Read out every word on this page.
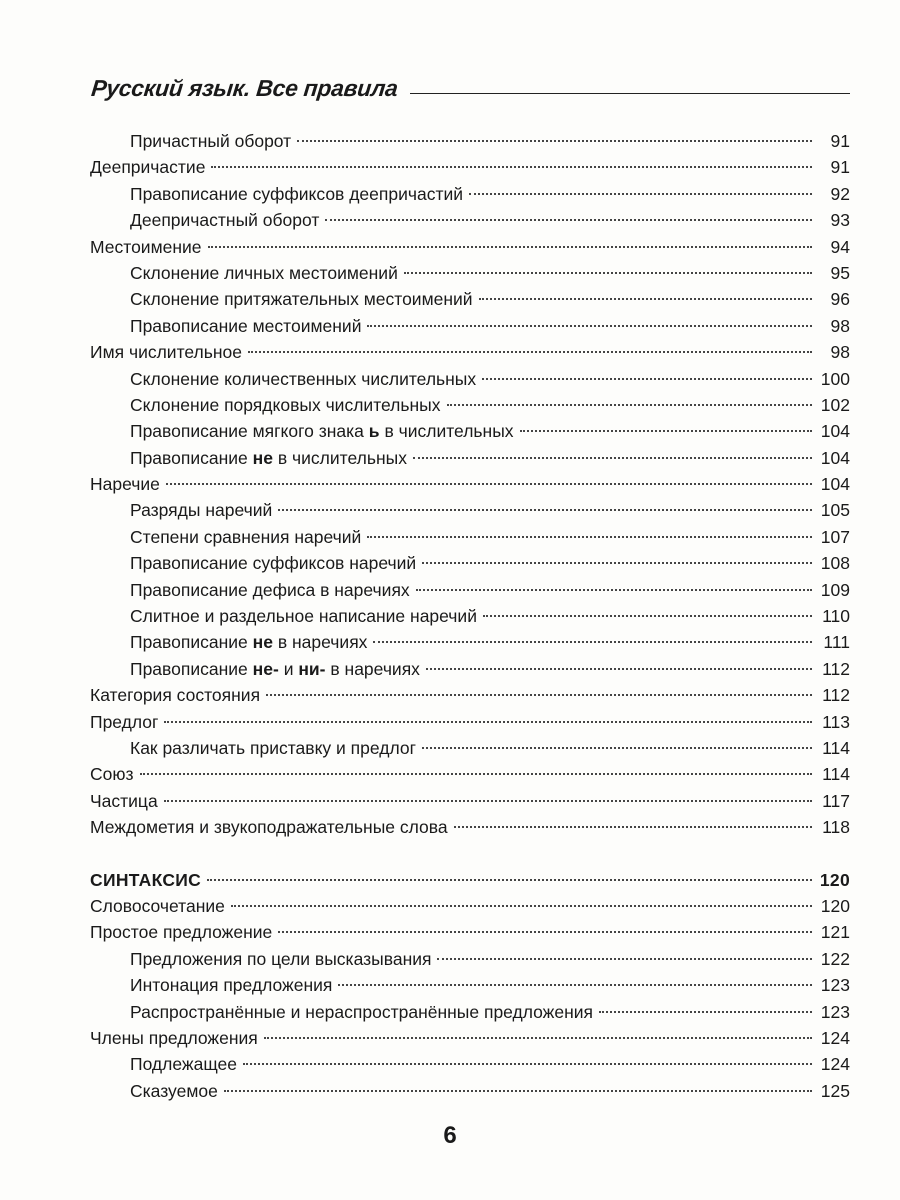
Русский язык. Все правила
Причастный оборот	91
Деепричастие	91
Правописание суффиксов деепричастий	92
Деепричастный оборот	93
Местоимение	94
Склонение личных местоимений	95
Склонение притяжательных местоимений	96
Правописание местоимений	98
Имя числительное	98
Склонение количественных числительных	100
Склонение порядковых числительных	102
Правописание мягкого знака ь в числительных	104
Правописание не в числительных	104
Наречие	104
Разряды наречий	105
Степени сравнения наречий	107
Правописание суффиксов наречий	108
Правописание дефиса в наречиях	109
Слитное и раздельное написание наречий	110
Правописание не в наречиях	111
Правописание не- и ни- в наречиях	112
Категория состояния	112
Предлог	113
Как различать приставку и предлог	114
Союз	114
Частица	117
Междометия и звукоподражательные слова	118
СИНТАКСИС	120
Словосочетание	120
Простое предложение	121
Предложения по цели высказывания	122
Интонация предложения	123
Распространённые и нераспространённые предложения	123
Члены предложения	124
Подлежащее	124
Сказуемое	125
6
